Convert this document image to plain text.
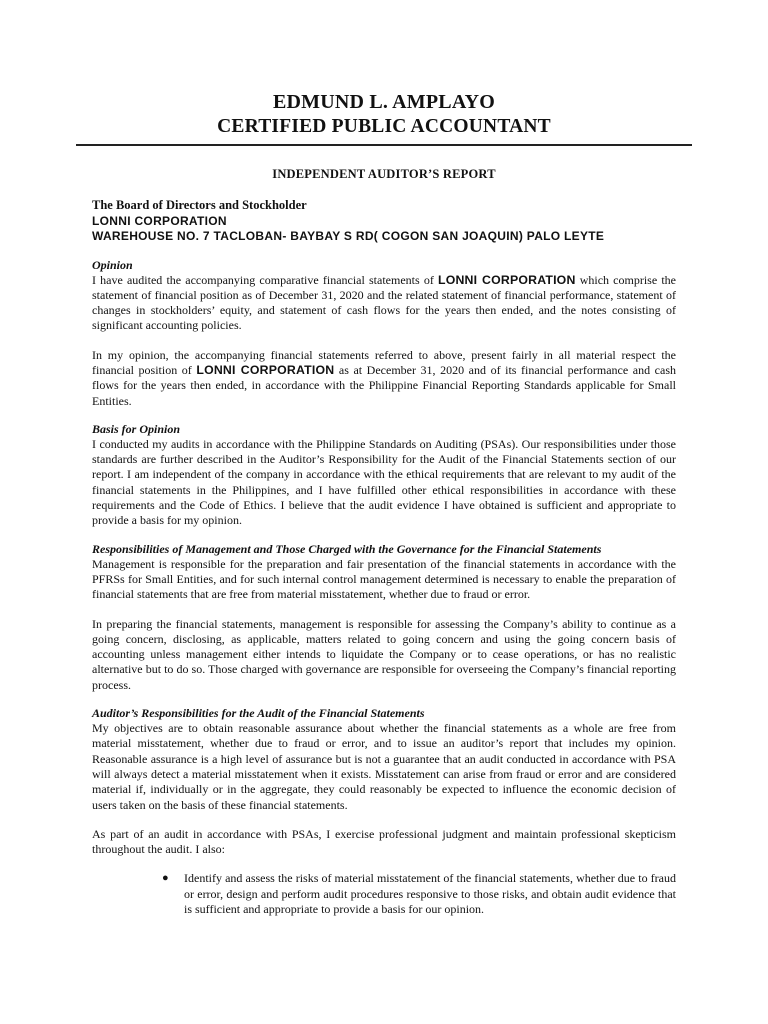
EDMUND L. AMPLAYO
CERTIFIED PUBLIC ACCOUNTANT
INDEPENDENT AUDITOR’S REPORT
The Board of Directors and Stockholder
LONNI CORPORATION
WAREHOUSE NO. 7 TACLOBAN- BAYBAY S RD( COGON SAN JOAQUIN) PALO LEYTE
Opinion

I have audited the accompanying comparative financial statements of LONNI CORPORATION which comprise the statement of financial position as of December 31, 2020 and the related statement of financial performance, statement of changes in stockholders’ equity, and statement of cash flows for the years then ended, and the notes consisting of significant accounting policies.

In my opinion, the accompanying financial statements referred to above, present fairly in all material respect the financial position of LONNI CORPORATION as at December 31, 2020 and of its financial performance and cash flows for the years then ended, in accordance with the Philippine Financial Reporting Standards applicable for Small Entities.

Basis for Opinion

I conducted my audits in accordance with the Philippine Standards on Auditing (PSAs). Our responsibilities under those standards are further described in the Auditor’s Responsibility for the Audit of the Financial Statements section of our report. I am independent of the company in accordance with the ethical requirements that are relevant to my audit of the financial statements in the Philippines, and I have fulfilled other ethical responsibilities in accordance with these requirements and the Code of Ethics. I believe that the audit evidence I have obtained is sufficient and appropriate to provide a basis for my opinion.

Responsibilities of Management and Those Charged with the Governance for the Financial Statements

Management is responsible for the preparation and fair presentation of the financial statements in accordance with the PFRSs for Small Entities, and for such internal control management determined is necessary to enable the preparation of financial statements that are free from material misstatement, whether due to fraud or error.

In preparing the financial statements, management is responsible for assessing the Company’s ability to continue as a going concern, disclosing, as applicable, matters related to going concern and using the going concern basis of accounting unless management either intends to liquidate the Company or to cease operations, or has no realistic alternative but to do so. Those charged with governance are responsible for overseeing the Company’s financial reporting process.

Auditor’s Responsibilities for the Audit of the Financial Statements

My objectives are to obtain reasonable assurance about whether the financial statements as a whole are free from material misstatement, whether due to fraud or error, and to issue an auditor’s report that includes my opinion. Reasonable assurance is a high level of assurance but is not a guarantee that an audit conducted in accordance with PSA will always detect a material misstatement when it exists. Misstatement can arise from fraud or error and are considered material if, individually or in the aggregate, they could reasonably be expected to influence the economic decision of users taken on the basis of these financial statements.

As part of an audit in accordance with PSAs, I exercise professional judgment and maintain professional skepticism throughout the audit. I also:

● Identify and assess the risks of material misstatement of the financial statements, whether due to fraud or error, design and perform audit procedures responsive to those risks, and obtain audit evidence that is sufficient and appropriate to provide a basis for our opinion.
